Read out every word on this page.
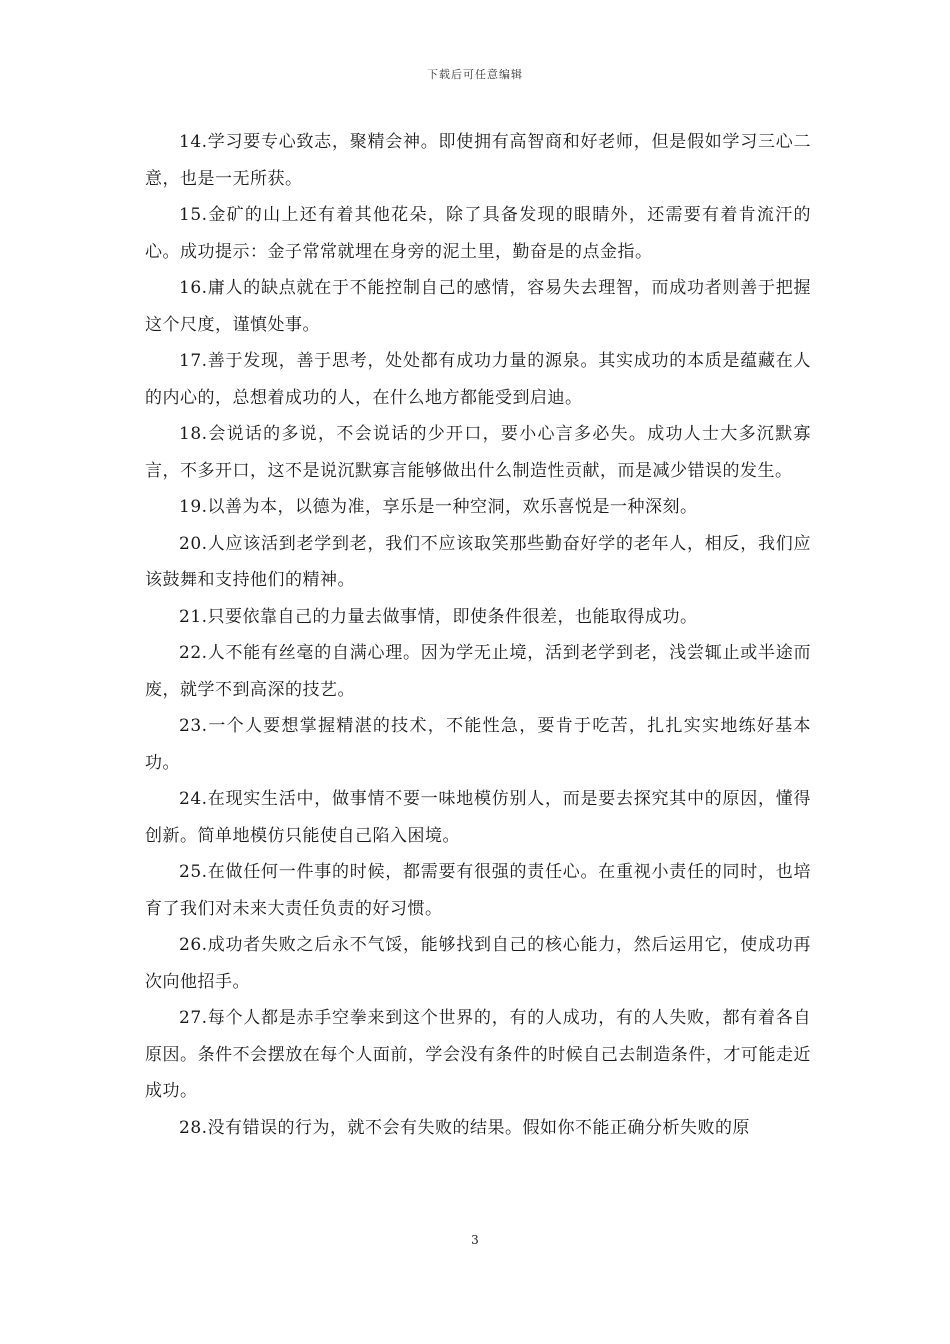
下载后可任意编辑

14.学习要专心致志，聚精会神。即使拥有高智商和好老师，但是假如学习三心二意，也是一无所获。

15.金矿的山上还有着其他花朵，除了具备发现的眼睛外，还需要有着肯流汗的心。成功提示：金子常常就埋在身旁的泥土里，勤奋是的点金指。

16.庸人的缺点就在于不能控制自己的感情，容易失去理智，而成功者则善于把握这个尺度，谨慎处事。

17.善于发现，善于思考，处处都有成功力量的源泉。其实成功的本质是蕴藏在人的内心的，总想着成功的人，在什么地方都能受到启迪。

18.会说话的多说，不会说话的少开口，要小心言多必失。成功人士大多沉默寡言，不多开口，这不是说沉默寡言能够做出什么制造性贡献，而是减少错误的发生。

19.以善为本，以德为准，享乐是一种空洞，欢乐喜悦是一种深刻。

20.人应该活到老学到老，我们不应该取笑那些勤奋好学的老年人，相反，我们应该鼓舞和支持他们的精神。

21.只要依靠自己的力量去做事情，即使条件很差，也能取得成功。

22.人不能有丝毫的自满心理。因为学无止境，活到老学到老，浅尝辄止或半途而废，就学不到高深的技艺。

23.一个人要想掌握精湛的技术，不能性急，要肯于吃苦，扎扎实实地练好基本功。

24.在现实生活中，做事情不要一味地模仿别人，而是要去探究其中的原因，懂得创新。简单地模仿只能使自己陷入困境。

25.在做任何一件事的时候，都需要有很强的责任心。在重视小责任的同时，也培育了我们对未来大责任负责的好习惯。

26.成功者失败之后永不气馁，能够找到自己的核心能力，然后运用它，使成功再次向他招手。

27.每个人都是赤手空拳来到这个世界的，有的人成功，有的人失败，都有着各自原因。条件不会摆放在每个人面前，学会没有条件的时候自己去制造条件，才可能走近成功。

28.没有错误的行为，就不会有失败的结果。假如你不能正确分析失败的原

3
